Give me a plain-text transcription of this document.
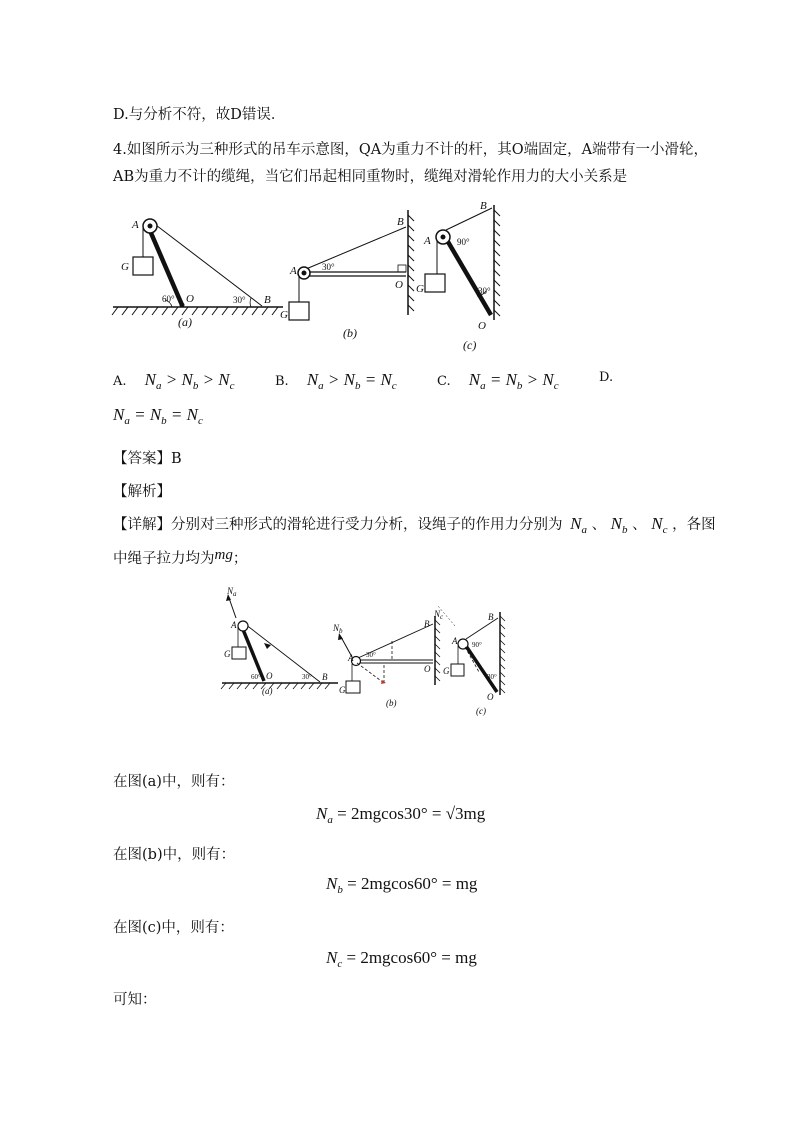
D.与分析不符，故D错误．
4.如图所示为三种形式的吊车示意图，QA为重力不计的杆，其O端固定，A端带有一小滑轮，
AB为重力不计的缆绳，当它们吊起相同重物时，缆绳对滑轮作用力的大小关系是
A
G
O	B
60°	30°
(a)
A
B
O
G
30°
(b)
A
B
O
G
90°
30°
(c)
A. $N_a > N_b > N_c$	B. $N_a > N_b = N_c$	C. $N_a = N_b > N_c$
D.
$N_a = N_b = N_c$
【答案】B
【解析】
【详解】分别对三种形式的滑轮进行受力分析，设绳子的作用力分别为 $N_a$ 、 $N_b$ 、 $N_c$ ，各图
中绳子拉力均为mg；
$N_a$
A
G
O	B
60°	30°
(a)
$N_b$
A
B
O
G
30°
(b)
$N_c$
A
B
O
G
90°
30°
(c)
在图(a)中，则有：
$N_a = 2mgcos30^\circ = √3mg$
在图(b)中，则有：
$N_b = 2mgcos60^\circ$ = mg
在图(c)中，则有：
$N_c = 2mgcos60^\circ$ = mg
可知：
